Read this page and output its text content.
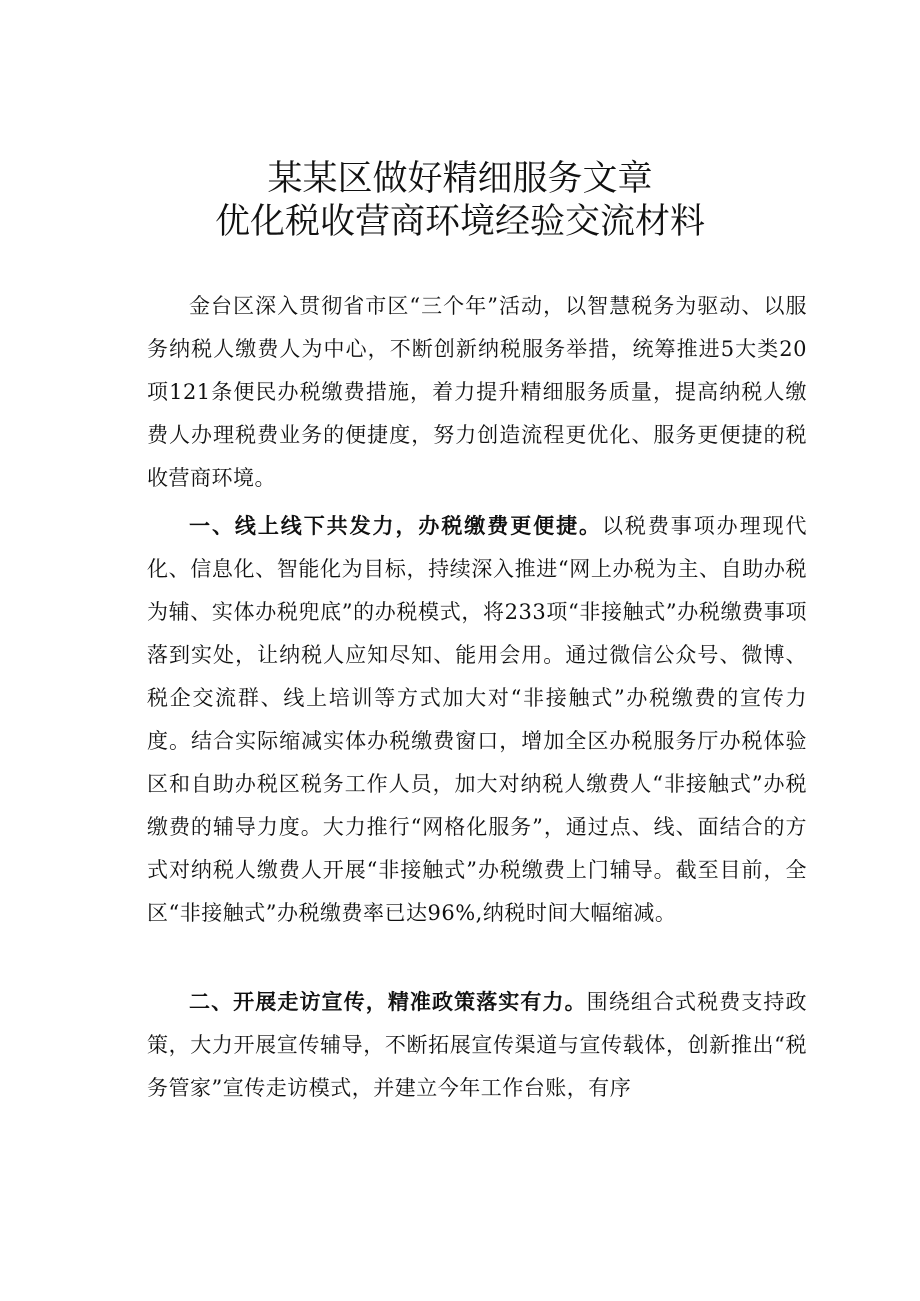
某某区做好精细服务文章
优化税收营商环境经验交流材料

金台区深入贯彻省市区“三个年”活动，以智慧税务为驱动、以服务纳税人缴费人为中心，不断创新纳税服务举措，统筹推进5大类20项121条便民办税缴费措施，着力提升精细服务质量，提高纳税人缴费人办理税费业务的便捷度，努力创造流程更优化、服务更便捷的税收营商环境。

一、线上线下共发力，办税缴费更便捷。以税费事项办理现代化、信息化、智能化为目标，持续深入推进“网上办税为主、自助办税为辅、实体办税兜底”的办税模式，将233项“非接触式”办税缴费事项落到实处，让纳税人应知尽知、能用会用。通过微信公众号、微博、税企交流群、线上培训等方式加大对“非接触式”办税缴费的宣传力度。结合实际缩减实体办税缴费窗口，增加全区办税服务厅办税体验区和自助办税区税务工作人员，加大对纳税人缴费人“非接触式”办税缴费的辅导力度。大力推行“网格化服务”，通过点、线、面结合的方式对纳税人缴费人开展“非接触式”办税缴费上门辅导。截至目前，全区“非接触式”办税缴费率已达96%,纳税时间大幅缩减。

二、开展走访宣传，精准政策落实有力。围绕组合式税费支持政策，大力开展宣传辅导，不断拓展宣传渠道与宣传载体，创新推出“税务管家”宣传走访模式，并建立今年工作台账，有序
